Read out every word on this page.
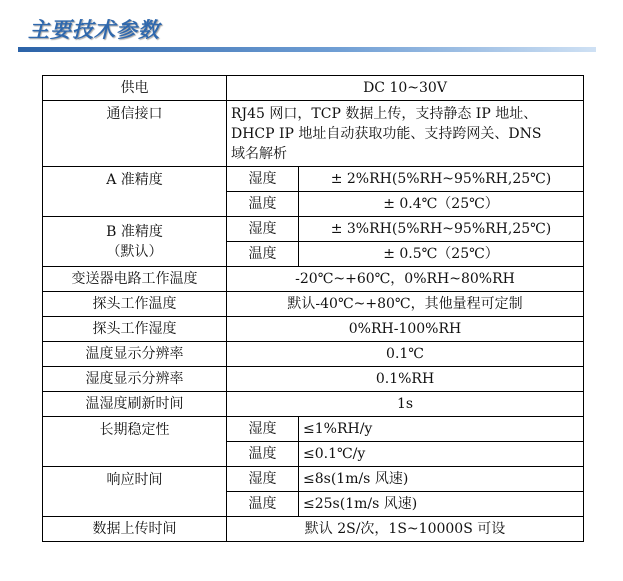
主要技术参数
供电	DC 10~30V	
通信接口	RJ45 网口，TCP 数据上传，支持静态 IP 地址、
DHCP IP 地址自动获取功能、支持跨网关、DNS
域名解析	

A 准精度	湿度	± 2%RH(5%RH~95%RH,25℃)
	温度	± 0.4℃（25℃）

B 准精度
（默认）	湿度	± 3%RH(5%RH~95%RH,25℃)
	温度	± 0.5℃（25℃）
变送器电路工作温度	-20℃~+60℃，0%RH~80%RH	
探头工作温度	默认-40℃~+80℃，其他量程可定制	
探头工作湿度	0%RH-100%RH	
温度显示分辨率	0.1℃	
湿度显示分辨率	0.1%RH	
温湿度刷新时间	1s	
长期稳定性	湿度	≤1%RH/y
	温度	≤0.1℃/y
响应时间	湿度	≤8s(1m/s 风速)
	温度	≤25s(1m/s 风速)
数据上传时间	默认 2S/次，1S~10000S 可设	
